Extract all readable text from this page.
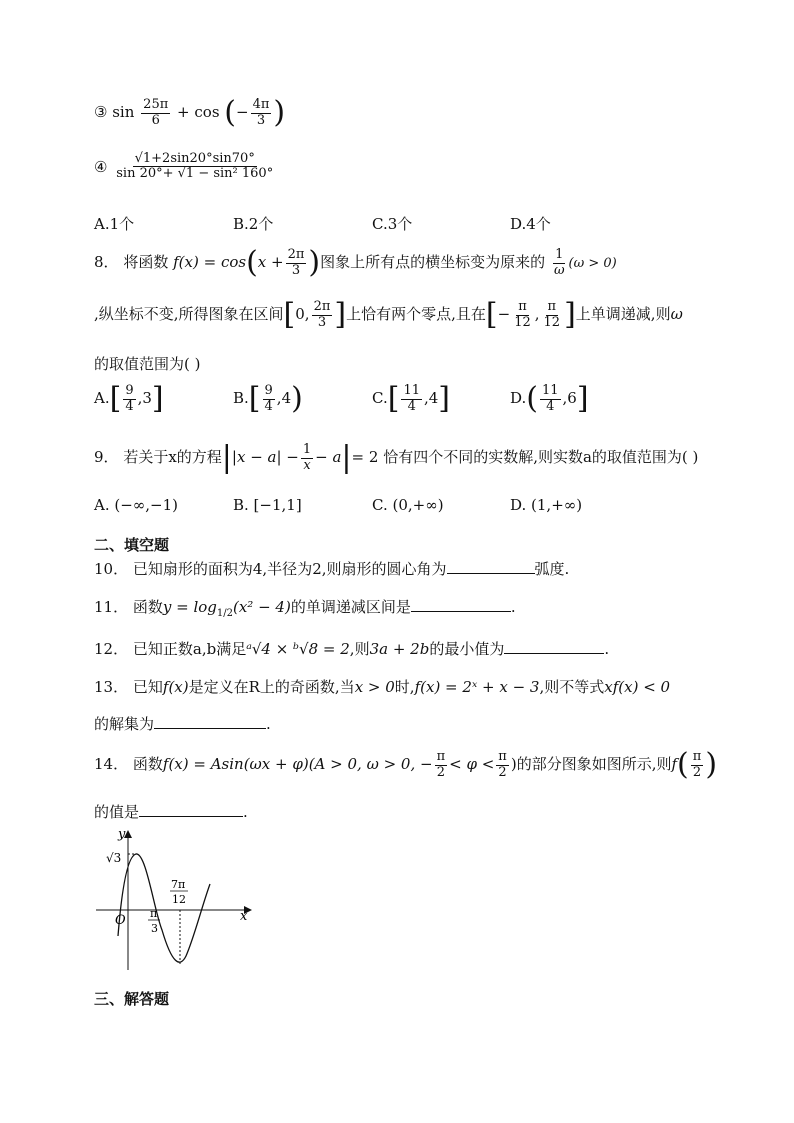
③ $\sin \frac{25\pi}{6} + \cos$ (− $\frac{4\pi}{3}$ )
④ $\frac{√1+2\sin 20^\circ\sin 70^\circ}{\text{sin 20°+ √1 − sin² 160°}}$
A.1个	B.2个	C.3个	D.4个
8． 将函数 $f(x) = \cos(x + \frac{2\pi}{3}$ )图象上所有点的横坐标变为原来的 $\frac{1}{\omega} (\omega > 0)$
,纵坐标不变,所得图象在区间[0, $\frac{2\pi}{3}$ ]上恰有两个零点,且在[− $\frac{\pi}{12}$ , $\frac{\pi}{12}$ ]上单调递减,则ω
的取值范围为( )
$A.[ \frac{9}{4} ,3]$	$B.[ \frac{9}{4} ,4)$	$C.[ \frac{11}{4} ,4]$	$D.( \frac{11}{4} ,6]$
9． 若关于x的方程$||x - a| - \frac{1}{x} - a|= 2$ 恰有四个不同的实数解,则实数a的取值范围为( )
A. (−∞,−1)	B. [−1,1]	C. (0,+∞)	D. (1,+∞)
二、填空题
10． 已知扇形的面积为4,半径为2,则扇形的圆心角为	弧度.
11． 函数$y = \log_{1/2}(x^2 - 4)$的单调递减区间是	.
12． 已知正数a,b满足ᵃ√4 × ᵇ√8 = 2,则3a + 2b的最小值为	.
13． 已知f(x)是定义在R上的奇函数,当x > 0时,f(x) = 2ˣ + x − 3,则不等式xf(x) < 0
的解集为	.
14． 函数f(x) = Asin(ωx + φ)(A > 0, ω > 0, − $\frac{\pi}{2} < \varphi < \frac{\pi}{2}$ )的部分图象如图所示,则$f( \frac{\pi}{2}$ )
的值是	.
y
x
O
√3
π
3
7π
12
三、解答题
